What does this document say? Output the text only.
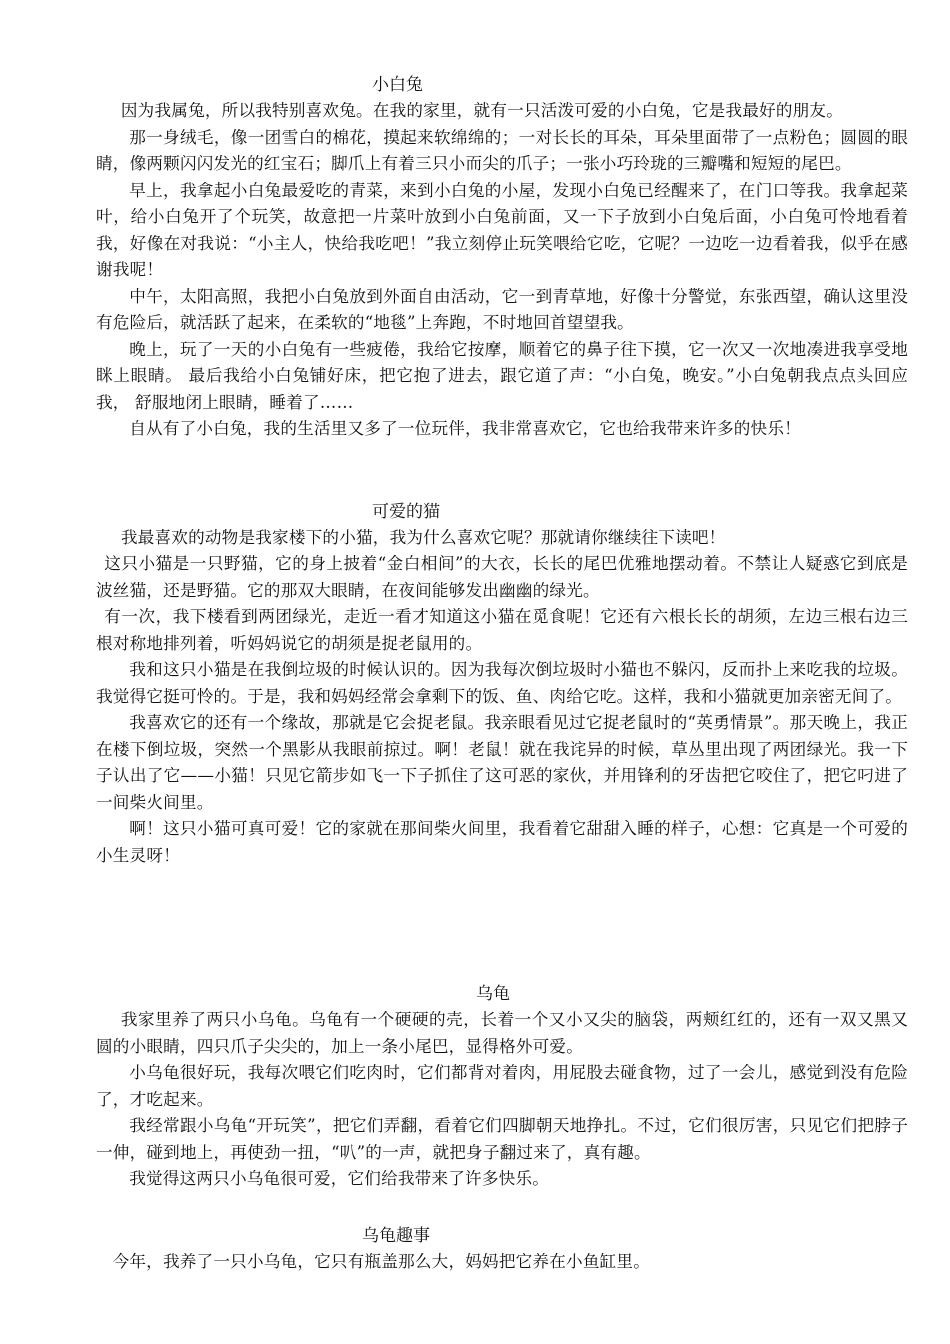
小白兔

因为我属兔，所以我特别喜欢兔。在我的家里，就有一只活泼可爱的小白兔，它是我最好的朋友。

那一身绒毛，像一团雪白的棉花，摸起来软绵绵的；一对长长的耳朵，耳朵里面带了一点粉色；圆圆的眼睛，像两颗闪闪发光的红宝石；脚爪上有着三只小而尖的爪子；一张小巧玲珑的三瓣嘴和短短的尾巴。

早上，我拿起小白兔最爱吃的青菜，来到小白兔的小屋，发现小白兔已经醒来了，在门口等我。我拿起菜叶，给小白兔开了个玩笑，故意把一片菜叶放到小白兔前面，又一下子放到小白兔后面，小白兔可怜地看着我，好像在对我说：“小主人，快给我吃吧！”我立刻停止玩笑喂给它吃，它呢？一边吃一边看着我，似乎在感谢我呢！

中午，太阳高照，我把小白兔放到外面自由活动，它一到青草地，好像十分警觉，东张西望，确认这里没有危险后，就活跃了起来，在柔软的“地毯”上奔跑，不时地回首望望我。

晚上，玩了一天的小白兔有一些疲倦，我给它按摩，顺着它的鼻子往下摸，它一次又一次地凑进我享受地眯上眼睛。 最后我给小白兔铺好床，把它抱了进去，跟它道了声：“小白兔，晚安。”小白兔朝我点点头回应我， 舒服地闭上眼睛，睡着了……

自从有了小白兔，我的生活里又多了一位玩伴，我非常喜欢它，它也给我带来许多的快乐！

可爱的猫

我最喜欢的动物是我家楼下的小猫，我为什么喜欢它呢？那就请你继续往下读吧！

这只小猫是一只野猫，它的身上披着“金白相间”的大衣，长长的尾巴优雅地摆动着。不禁让人疑惑它到底是波丝猫，还是野猫。它的那双大眼睛，在夜间能够发出幽幽的绿光。

有一次，我下楼看到两团绿光，走近一看才知道这小猫在觅食呢！它还有六根长长的胡须，左边三根右边三根对称地排列着，听妈妈说它的胡须是捉老鼠用的。

我和这只小猫是在我倒垃圾的时候认识的。因为我每次倒垃圾时小猫也不躲闪，反而扑上来吃我的垃圾。我觉得它挺可怜的。于是，我和妈妈经常会拿剩下的饭、鱼、肉给它吃。这样，我和小猫就更加亲密无间了。

我喜欢它的还有一个缘故，那就是它会捉老鼠。我亲眼看见过它捉老鼠时的“英勇情景”。那天晚上，我正在楼下倒垃圾，突然一个黑影从我眼前掠过。啊！老鼠！就在我诧异的时候，草丛里出现了两团绿光。我一下子认出了它——小猫！只见它箭步如飞一下子抓住了这可恶的家伙，并用锋利的牙齿把它咬住了，把它叼进了一间柴火间里。

啊！这只小猫可真可爱！它的家就在那间柴火间里，我看着它甜甜入睡的样子，心想：它真是一个可爱的小生灵呀！

乌龟

我家里养了两只小乌龟。乌龟有一个硬硬的壳，长着一个又小又尖的脑袋，两颊红红的，还有一双又黑又圆的小眼睛，四只爪子尖尖的，加上一条小尾巴，显得格外可爱。

小乌龟很好玩，我每次喂它们吃肉时，它们都背对着肉，用屁股去碰食物，过了一会儿，感觉到没有危险了，才吃起来。

我经常跟小乌龟“开玩笑”，把它们弄翻，看着它们四脚朝天地挣扎。不过，它们很厉害，只见它们把脖子一伸，碰到地上，再使劲一扭，“叭”的一声，就把身子翻过来了，真有趣。

我觉得这两只小乌龟很可爱，它们给我带来了许多快乐。

乌龟趣事

今年，我养了一只小乌龟，它只有瓶盖那么大，妈妈把它养在小鱼缸里。
